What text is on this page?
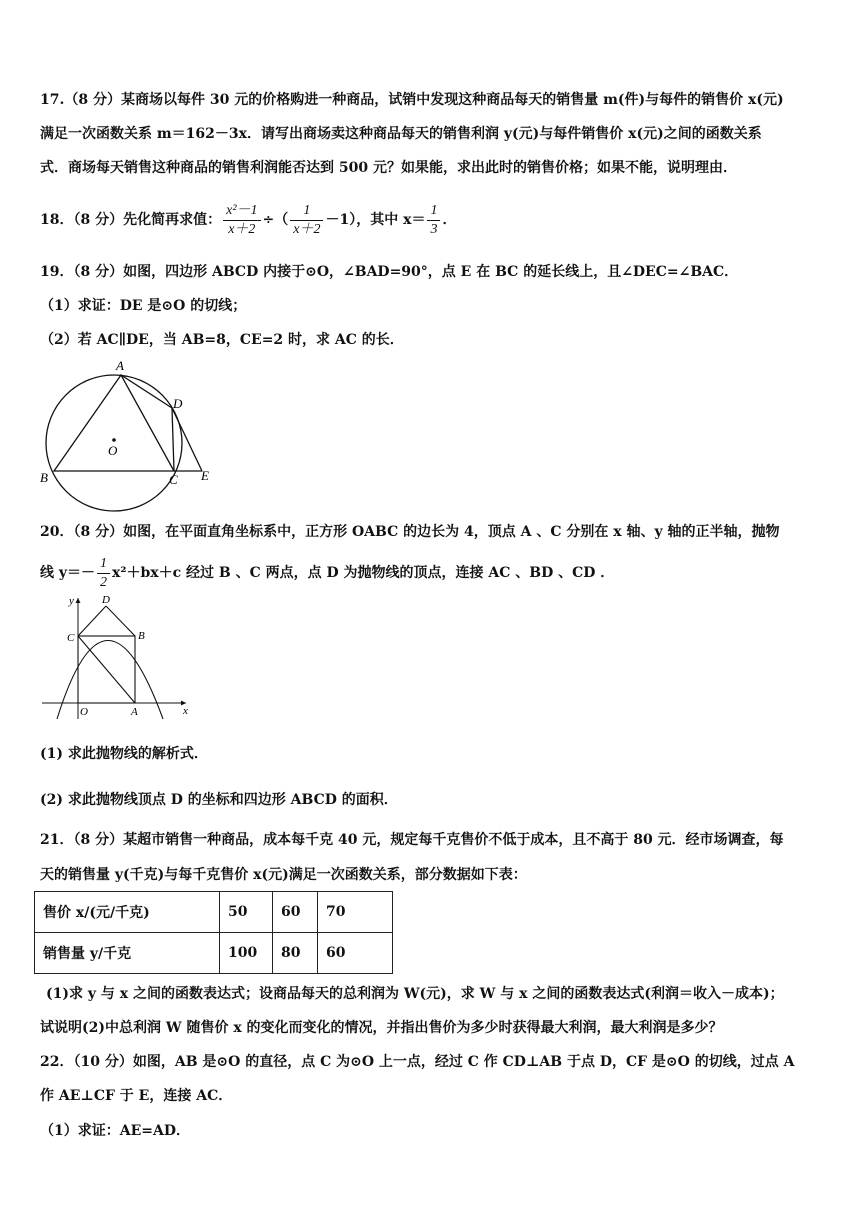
17.（8 分）某商场以每件 30 元的价格购进一种商品，试销中发现这种商品每天的销售量 m(件)与每件的销售价 x(元)
满足一次函数关系 m＝162－3x．请写出商场卖这种商品每天的销售利润 y(元)与每件销售价 x(元)之间的函数关系
式．商场每天销售这种商品的销售利润能否达到 500 元？如果能，求出此时的销售价格；如果不能，说明理由．
18．（8 分）先化简再求值： $\frac{\text{x²－1}}{x+2}$ ÷（ $\frac{1}{x+2} -1$），其中 $x= \frac{1}{3}$ ．
19．（8 分）如图，四边形 ABCD 内接于⊙O，∠BAD=90°，点 E 在 BC 的延长线上，且∠DEC=∠BAC．
（1）求证：DE 是⊙O 的切线；
（2）若 AC∥DE，当 AB=8，CE=2 时，求 AC 的长．
A
B	C
D
E
O
20．（8 分）如图，在平面直角坐标系中，正方形 OABC 的边长为 4，顶点 A 、C 分别在 x 轴、y 轴的正半轴，抛物
线 $y=- \frac{1}{2} x^2+bx+c$ 经过 B 、C 两点，点 D 为抛物线的顶点，连接 AC 、BD 、CD ．
y
x
O	A
B
C
D
(1) 求此抛物线的解析式．
(2) 求此抛物线顶点 D 的坐标和四边形 ABCD 的面积．
21．（8 分）某超市销售一种商品，成本每千克 40 元，规定每千克售价不低于成本，且不高于 80 元．经市场调查，每
天的销售量 y(千克)与每千克售价 x(元)满足一次函数关系，部分数据如下表：
售价 x/(元/千克)	50	60	70
销售量 y/千克	100	80	60
(1)求 y 与 x 之间的函数表达式；设商品每天的总利润为 W(元)，求 W 与 x 之间的函数表达式(利润＝收入－成本)；
试说明(2)中总利润 W 随售价 x 的变化而变化的情况，并指出售价为多少时获得最大利润，最大利润是多少？
22．（10 分）如图，AB 是⊙O 的直径，点 C 为⊙O 上一点，经过 C 作 CD⊥AB 于点 D，CF 是⊙O 的切线，过点 A
作 AE⊥CF 于 E，连接 AC．
（1）求证：AE=AD．
